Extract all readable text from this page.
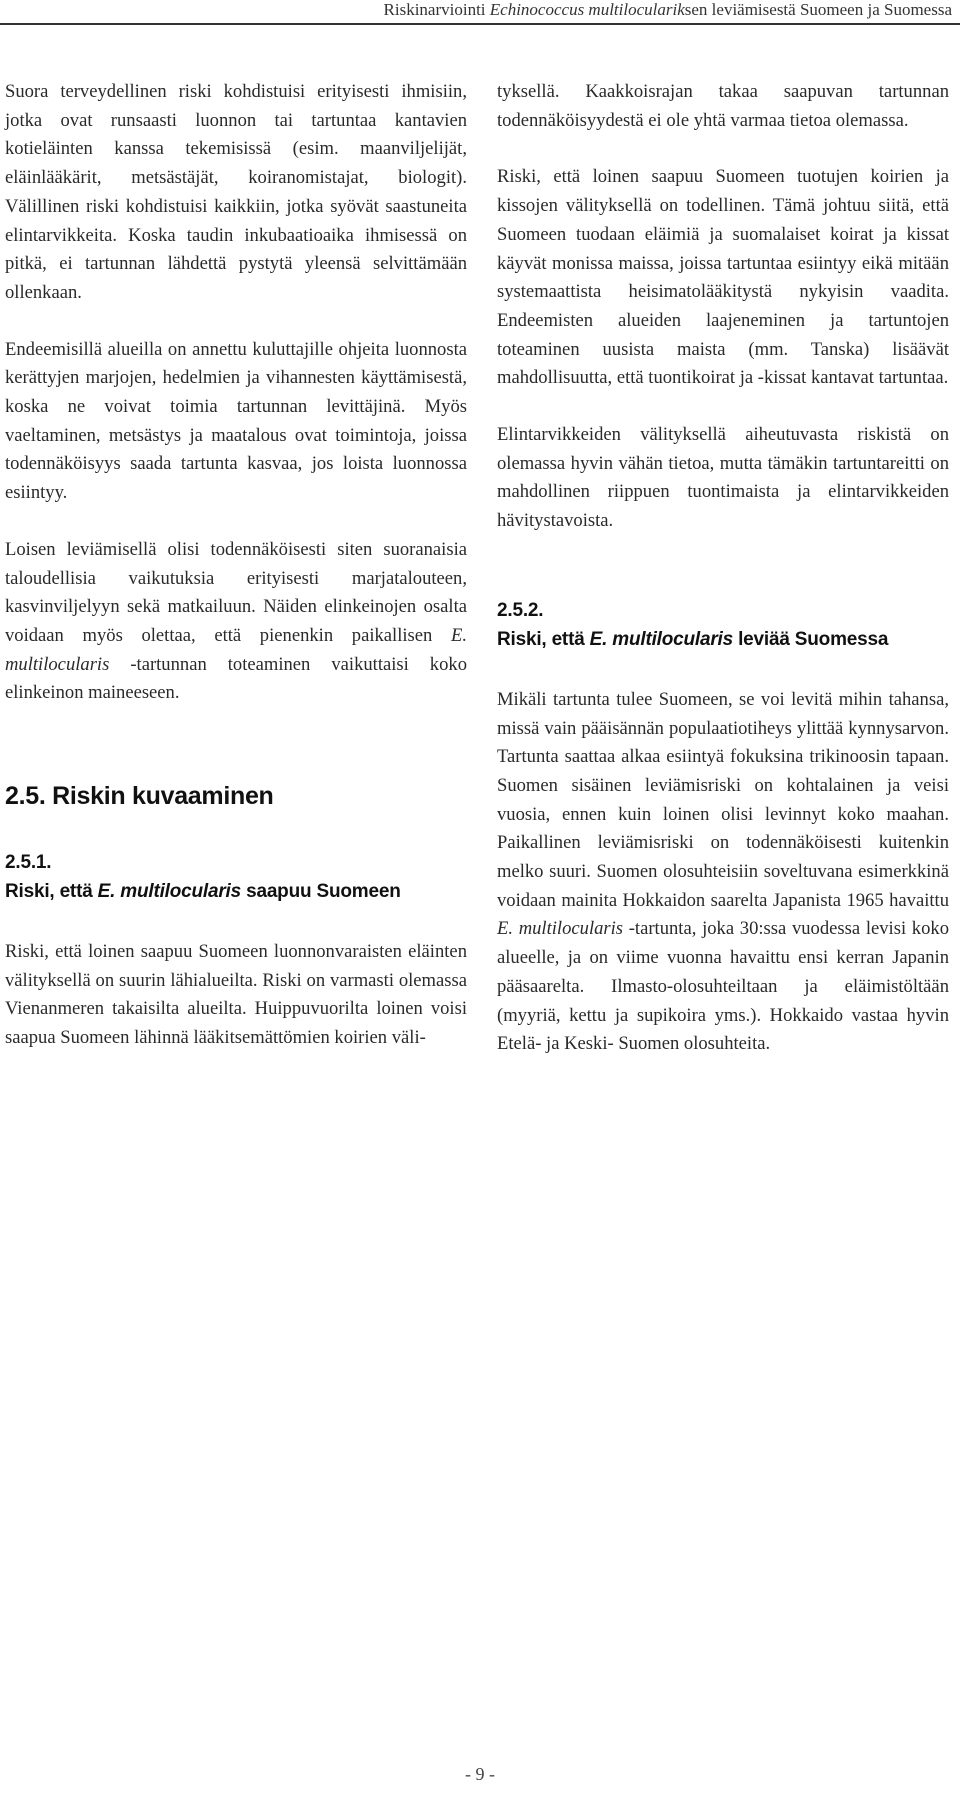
Riskinarviointi Echinococcus multiloculariksen leviämisestä Suomeen ja Suomessa

Suora terveydellinen riski kohdistuisi erityisesti ihmisiin, jotka ovat runsaasti luonnon tai tartuntaa kantavien kotieläinten kanssa tekemisissä (esim. maanviljelijät, eläinlääkärit, metsästäjät, koiranomistajat, biologit). Välillinen riski kohdistuisi kaikkiin, jotka syövät saastuneita elintarvikkeita. Koska taudin inkubaatioaika ihmisessä on pitkä, ei tartunnan lähdettä pystytä yleensä selvittämään ollenkaan.

Endeemisillä alueilla on annettu kuluttajille ohjeita luonnosta kerättyjen marjojen, hedelmien ja vihannesten käyttämisestä, koska ne voivat toimia tartunnan levittäjinä. Myös vaeltaminen, metsästys ja maatalous ovat toimintoja, joissa todennäköisyys saada tartunta kasvaa, jos loista luonnossa esiintyy.

Loisen leviämisellä olisi todennäköisesti siten suoranaisia taloudellisia vaikutuksia erityisesti marjatalouteen, kasvinviljelyyn sekä matkailuun. Näiden elinkeinojen osalta voidaan myös olettaa, että pienenkin paikallisen E. multilocularis -tartunnan toteaminen vaikuttaisi koko elinkeinon maineeseen.

2.5. Riskin kuvaaminen
2.5.1.
Riski, että E. multilocularis saapuu Suomeen

Riski, että loinen saapuu Suomeen luonnonvaraisten eläinten välityksellä on suurin lähialueilta. Riski on varmasti olemassa Vienanmeren takaisilta alueilta. Huippuvuorilta loinen voisi saapua Suomeen lähinnä lääkitsemättömien koirien väli-

tyksellä. Kaakkoisrajan takaa saapuvan tartunnan todennäköisyydestä ei ole yhtä varmaa tietoa olemassa.

Riski, että loinen saapuu Suomeen tuotujen koirien ja kissojen välityksellä on todellinen. Tämä johtuu siitä, että Suomeen tuodaan eläimiä ja suomalaiset koirat ja kissat käyvät monissa maissa, joissa tartuntaa esiintyy eikä mitään systemaattista heisimatolääkitystä nykyisin vaadita. Endeemisten alueiden laajeneminen ja tartuntojen toteaminen uusista maista (mm. Tanska) lisäävät mahdollisuutta, että tuontikoirat ja -kissat kantavat tartuntaa.

Elintarvikkeiden välityksellä aiheutuvasta riskistä on olemassa hyvin vähän tietoa, mutta tämäkin tartuntareitti on mahdollinen riippuen tuontimaista ja elintarvikkeiden hävitystavoista.

2.5.2.
Riski, että E. multilocularis leviää Suomessa

Mikäli tartunta tulee Suomeen, se voi levitä mihin tahansa, missä vain pääisännän populaatiotiheys ylittää kynnysarvon. Tartunta saattaa alkaa esiintyä fokuksina trikinoosin tapaan. Suomen sisäinen leviämisriski on kohtalainen ja veisi vuosia, ennen kuin loinen olisi levinnyt koko maahan. Paikallinen leviämisriski on todennäköisesti kuitenkin melko suuri. Suomen olosuhteisiin soveltuvana esimerkkinä voidaan mainita Hokkaidon saarelta Japanista 1965 havaittu E. multilocularis -tartunta, joka 30:ssa vuodessa levisi koko alueelle, ja on viime vuonna havaittu ensi kerran Japanin pääsaarelta. Ilmasto-olosuhteiltaan ja eläimistöltään (myyriä, kettu ja supikoira yms.). Hokkaido vastaa hyvin Etelä- ja Keski- Suomen olosuhteita.

- 9 -
